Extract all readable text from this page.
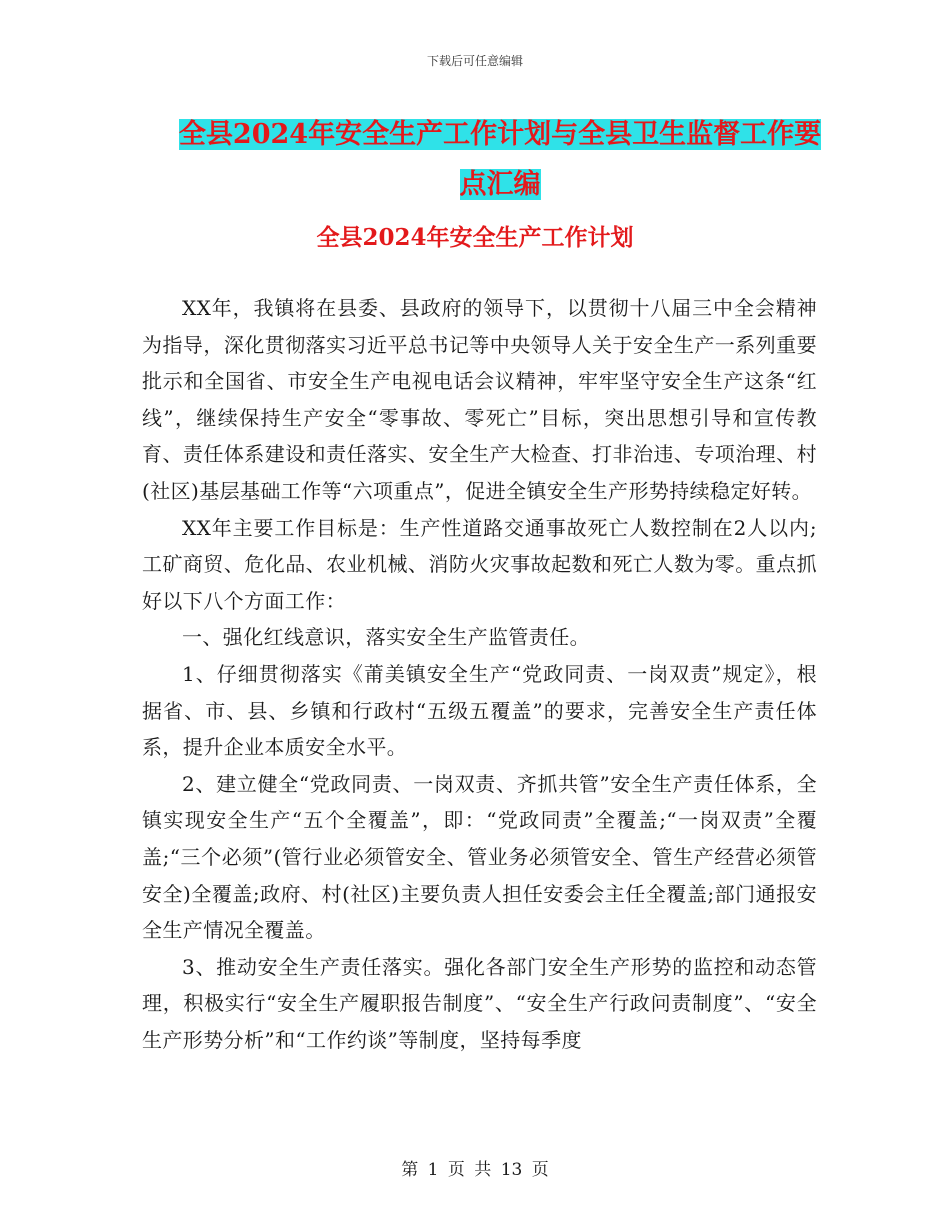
下载后可任意编辑
全县2024年安全生产工作计划与全县卫生监督工作要
点汇编
全县2024年安全生产工作计划

XX年，我镇将在县委、县政府的领导下，以贯彻十八届三中全会精神为指导，深化贯彻落实习近平总书记等中央领导人关于安全生产一系列重要批示和全国省、市安全生产电视电话会议精神，牢牢坚守安全生产这条“红线”，继续保持生产安全“零事故、零死亡”目标，突出思想引导和宣传教育、责任体系建设和责任落实、安全生产大检查、打非治违、专项治理、村(社区)基层基础工作等“六项重点”，促进全镇安全生产形势持续稳定好转。

XX年主要工作目标是：生产性道路交通事故死亡人数控制在2人以内;工矿商贸、危化品、农业机械、消防火灾事故起数和死亡人数为零。重点抓好以下八个方面工作：

一、强化红线意识，落实安全生产监管责任。

1、仔细贯彻落实《莆美镇安全生产“党政同责、一岗双责”规定》，根据省、市、县、乡镇和行政村“五级五覆盖”的要求，完善安全生产责任体系，提升企业本质安全水平。

2、建立健全“党政同责、一岗双责、齐抓共管”安全生产责任体系，全镇实现安全生产“五个全覆盖”，即：“党政同责”全覆盖;“一岗双责”全覆盖;“三个必须”(管行业必须管安全、管业务必须管安全、管生产经营必须管安全)全覆盖;政府、村(社区)主要负责人担任安委会主任全覆盖;部门通报安全生产情况全覆盖。

3、推动安全生产责任落实。强化各部门安全生产形势的监控和动态管理，积极实行“安全生产履职报告制度”、“安全生产行政问责制度”、“安全生产形势分析”和“工作约谈”等制度，坚持每季度

第 1 页 共 13 页
